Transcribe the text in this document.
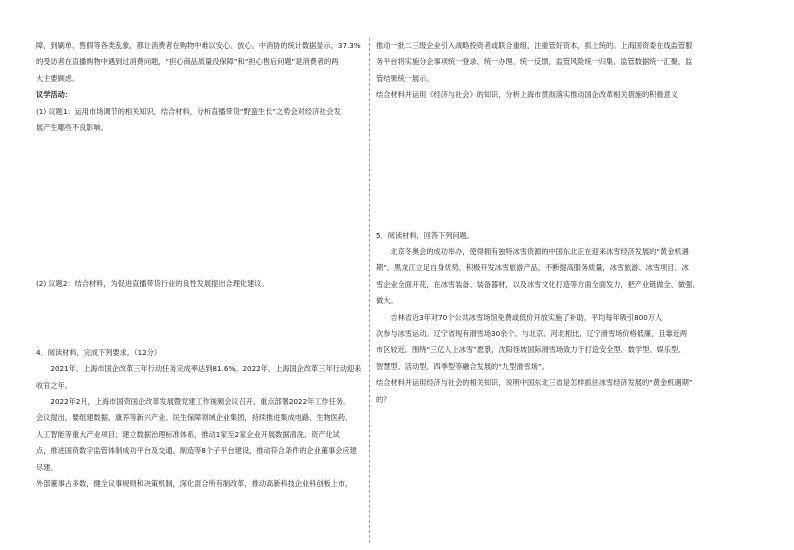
障，到刷单、售假等各类乱象，都让消费者在购物中难以安心、放心。中消协的统计数据显示，37.3%

的受访者在直播购物中遇到过消费问题，“担心商品质量没保障”和“担心售后问题”是消费者的两

大主要顾虑。

议学活动：

(1) 议题1：运用市场调节的相关知识，结合材料，分析直播带货“野蛮生长”之势会对经济社会发

展产生哪些不良影响。

(2) 议题2：结合材料，为促进直播带货行业的良性发展提出合理化建议。

4．阅读材料，完成下列要求。（12分）

2021年，上海市国企改革三年行动任务完成率达到81.6%。2022年，上海国企改革三年行动迎来

收官之年。

2022年2月，上海市国资国企改革发展暨党建工作视频会议召开，重点部署2022年工作任务。

会议提出，要组建数据、康养等新兴产业、民生保障领域企业集团，持续推进集成电路、生物医药、

人工智能等重大产业项目；建立数据治理标准体系，推动1家至2家企业开展数据清洗、资产化试

点，推进国资数字监管体制成功平台及交通、制造等8个子平台建设，推动符合条件的企业董事会应建尽建、

外部董事占多数，健全议事规则和决策机制，深化混合所有制改革，推动高新科技企业科创板上市，

推动一批二三级企业引入战略投资者或联合重组，注重管好资本，抓上统的。上海国资委在线监管服

务平台将实施分企事项统一登录、统一办理、统一反馈，监管风险统一归集、监管数据统一汇聚、监

管结果统一展示。

结合材料并运用《经济与社会》的知识，分析上海市贯彻落实推动国企改革相关措施的积极意义

5．阅读材料，回答下列问题。

北京冬奥会的成功举办，使得拥有独特冰雪资源的中国东北正在迎来冰雪经济发展的“黄金机遇

期”。黑龙江立足自身优势，积极开发冰雪旅游产品，不断提高服务质量，冰雪旅游、冰雪项目、冰

雪企业全面开花，在冰雪装备、装备器材，以及冰雪文化打造等方面全面发力，把产业链做全、做强、

做大。

吉林省近3年对70个公共冰雪场馆免费或低价开放实施了补助，平均每年吸引800万人

次参与冰雪运动。辽宁省现有滑雪场30余个。与北京、河北相比，辽宁滑雪场价格低廉，且靠近两

市区较近。围绕“三亿人上冰雪”愿景，沈阳怪坡国际滑雪场致力于打造安全型、数学型、娱乐型、

智慧型、活动型、四季型等融合发展的“九型滑雪场”。

结合材料并运用经济与社会的相关知识，说明中国东北三省是怎样抓住冰雪经济发展的“黄金机遇期”

的？
